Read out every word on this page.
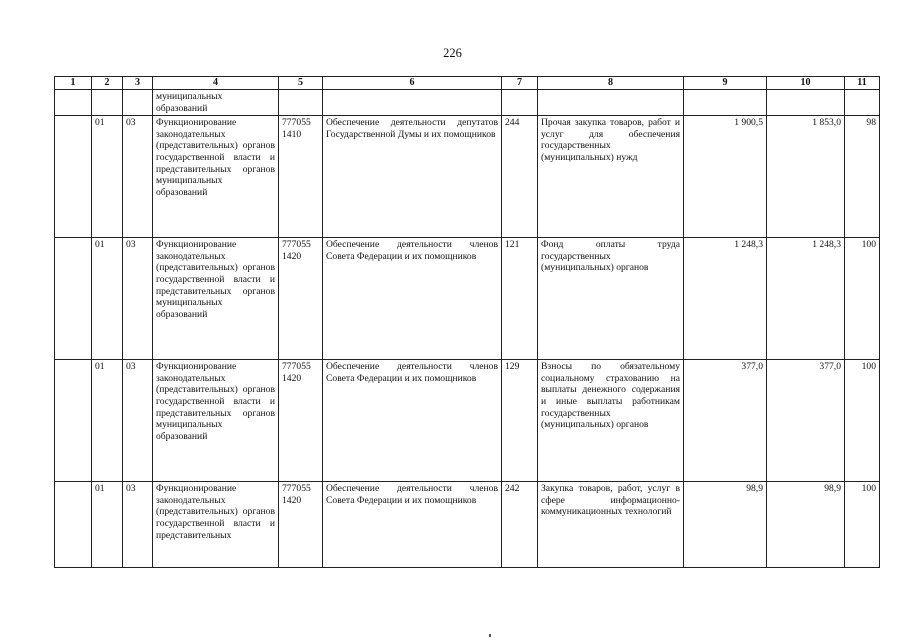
226
1	2	3	4	5	6	7	8	9	10	11
			муниципальных образований							
	01	03	Функционирование законодательных (представительных) органов государственной власти и представительных органов муниципальных образований	777055 1410	Обеспечение деятельности депутатов Государственной Думы и их помощников	244	Прочая закупка товаров, работ и услуг для обеспечения государственных (муниципальных) нужд	1 900,5	1 853,0	98
	01	03	Функционирование законодательных (представительных) органов государственной власти и представительных органов муниципальных образований	777055 1420	Обеспечение деятельности членов Совета Федерации и их помощников	121	Фонд оплаты труда государственных (муниципальных) органов	1 248,3	1 248,3	100
	01	03	Функционирование законодательных (представительных) органов государственной власти и представительных органов муниципальных образований	777055 1420	Обеспечение деятельности членов Совета Федерации и их помощников	129	Взносы по обязательному социальному страхованию на выплаты денежного содержания и иные выплаты работникам государственных (муниципальных) органов	377,0	377,0	100
	01	03	Функционирование законодательных (представительных) органов государственной власти и представительных	777055 1420	Обеспечение деятельности членов Совета Федерации и их помощников	242	Закупка товаров, работ, услуг в сфере информационно-коммуникационных технологий	98,9	98,9	100
